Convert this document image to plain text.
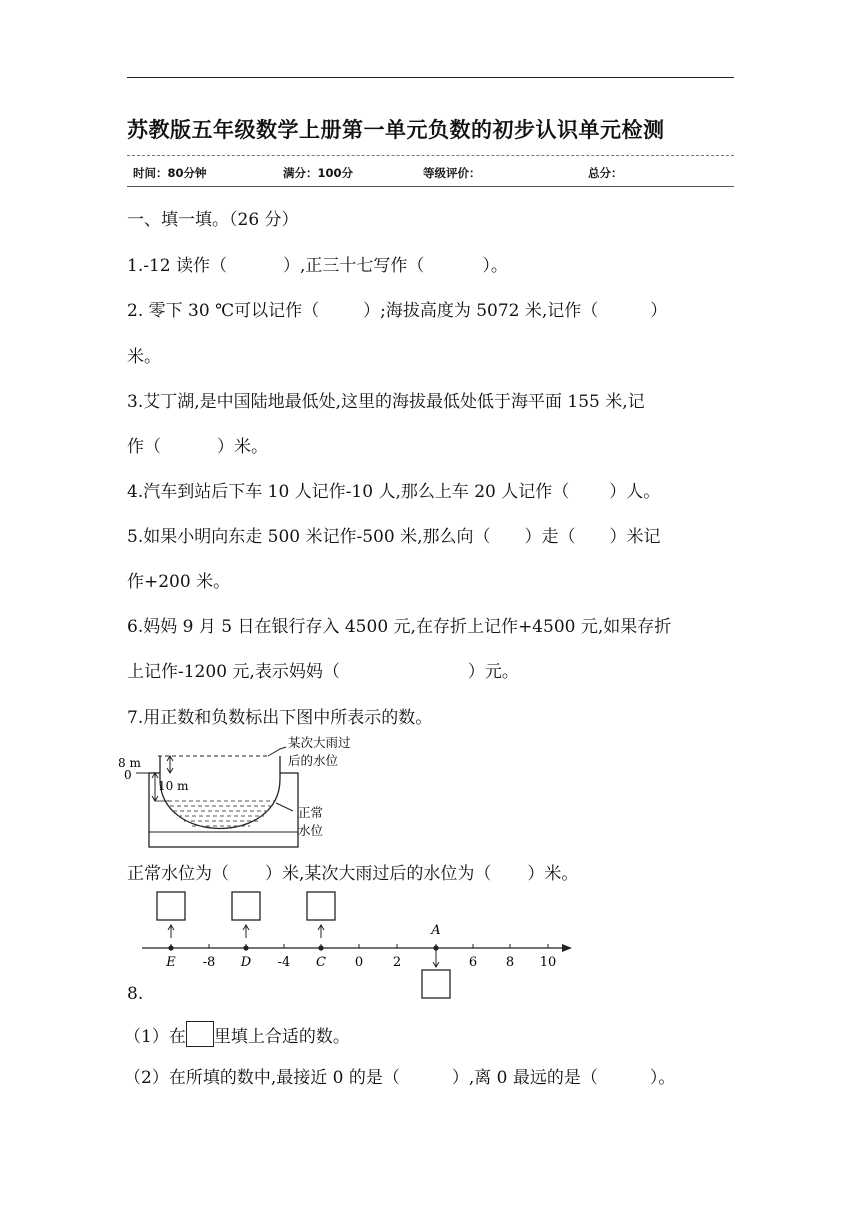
苏教版五年级数学上册第一单元负数的初步认识单元检测
时间：80分钟	满分：100分	等级评价：	总分：
一、填一填。（26 分）
1.-12 读作（	）,正三十七写作（	）。
2. 零下 30 ℃可以记作（	）;海拔高度为 5072 米,记作（	）
米。
3.艾丁湖,是中国陆地最低处,这里的海拔最低处低于海平面 155 米,记
作（	）米。
4.汽车到站后下车 10 人记作-10 人,那么上车 20 人记作（ ）人。
5.如果小明向东走 500 米记作-500 米,那么向（ ）走（ ）米记
作+200 米。
6.妈妈 9 月 5 日在银行存入 4500 元,在存折上记作+4500 元,如果存折
上记作-1200 元,表示妈妈（	）元。
7.用正数和负数标出下图中所表示的数。
8 m
0
10 m
某次大雨过
后的水位
正常
水位
正常水位为（ ）米,某次大雨过后的水位为（ ）米。
E -8 D -4 C 0 2
A
6 8 10
8.
（1）在 里填上合适的数。
（2）在所填的数中,最接近 0 的是（	）,离 0 最远的是（	）。
